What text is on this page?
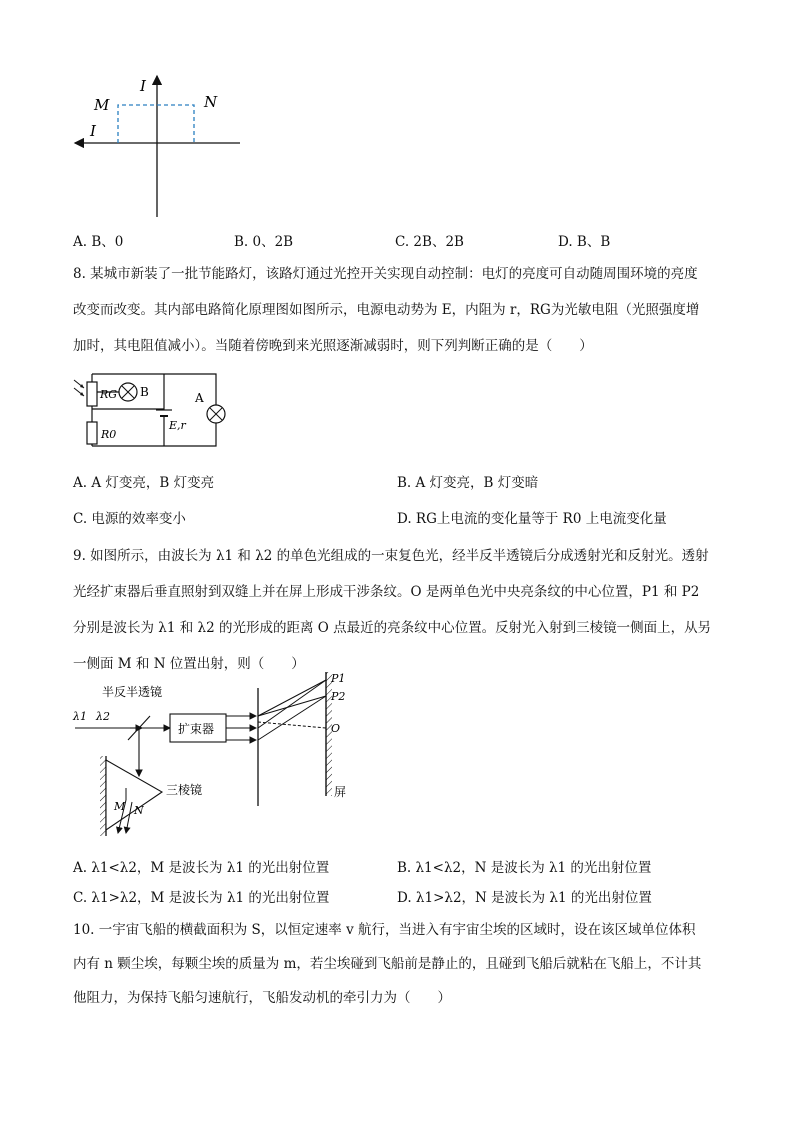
I
I
M	N
A. B、0	B. 0、2B	C. 2B、2B	D. B、B
8. 某城市新装了一批节能路灯，该路灯通过光控开关实现自动控制：电灯的亮度可自动随周围环境的亮度
改变而改变。其内部电路简化原理图如图所示，电源电动势为 E，内阻为 r，RG为光敏电阻（光照强度增
加时，其电阻值减小）。当随着傍晚到来光照逐渐减弱时，则下列判断正确的是（　　）
RG
R0
B	A
E,r
A. A 灯变亮，B 灯变亮	B. A 灯变亮，B 灯变暗
C. 电源的效率变小	D. RG上电流的变化量等于 R0 上电流变化量
9. 如图所示，由波长为 λ1 和 λ2 的单色光组成的一束复色光，经半反半透镜后分成透射光和反射光。透射
光经扩束器后垂直照射到双缝上并在屏上形成干涉条纹。O 是两单色光中央亮条纹的中心位置，P1 和 P2
分别是波长为 λ1 和 λ2 的光形成的距离 O 点最近的亮条纹中心位置。反射光入射到三棱镜一侧面上，从另
一侧面 M 和 N 位置出射，则（　　）
半反半透镜
λ1 λ2
扩束器
P1
P2
O
屏
三棱镜
M N
A. λ1<λ2，M 是波长为 λ1 的光出射位置	B. λ1<λ2，N 是波长为 λ1 的光出射位置
C. λ1>λ2，M 是波长为 λ1 的光出射位置	D. λ1>λ2，N 是波长为 λ1 的光出射位置
10. 一宇宙飞船的横截面积为 S，以恒定速率 v 航行，当进入有宇宙尘埃的区域时，设在该区域单位体积
内有 n 颗尘埃，每颗尘埃的质量为 m，若尘埃碰到飞船前是静止的，且碰到飞船后就粘在飞船上，不计其
他阻力，为保持飞船匀速航行，飞船发动机的牵引力为（　　）
